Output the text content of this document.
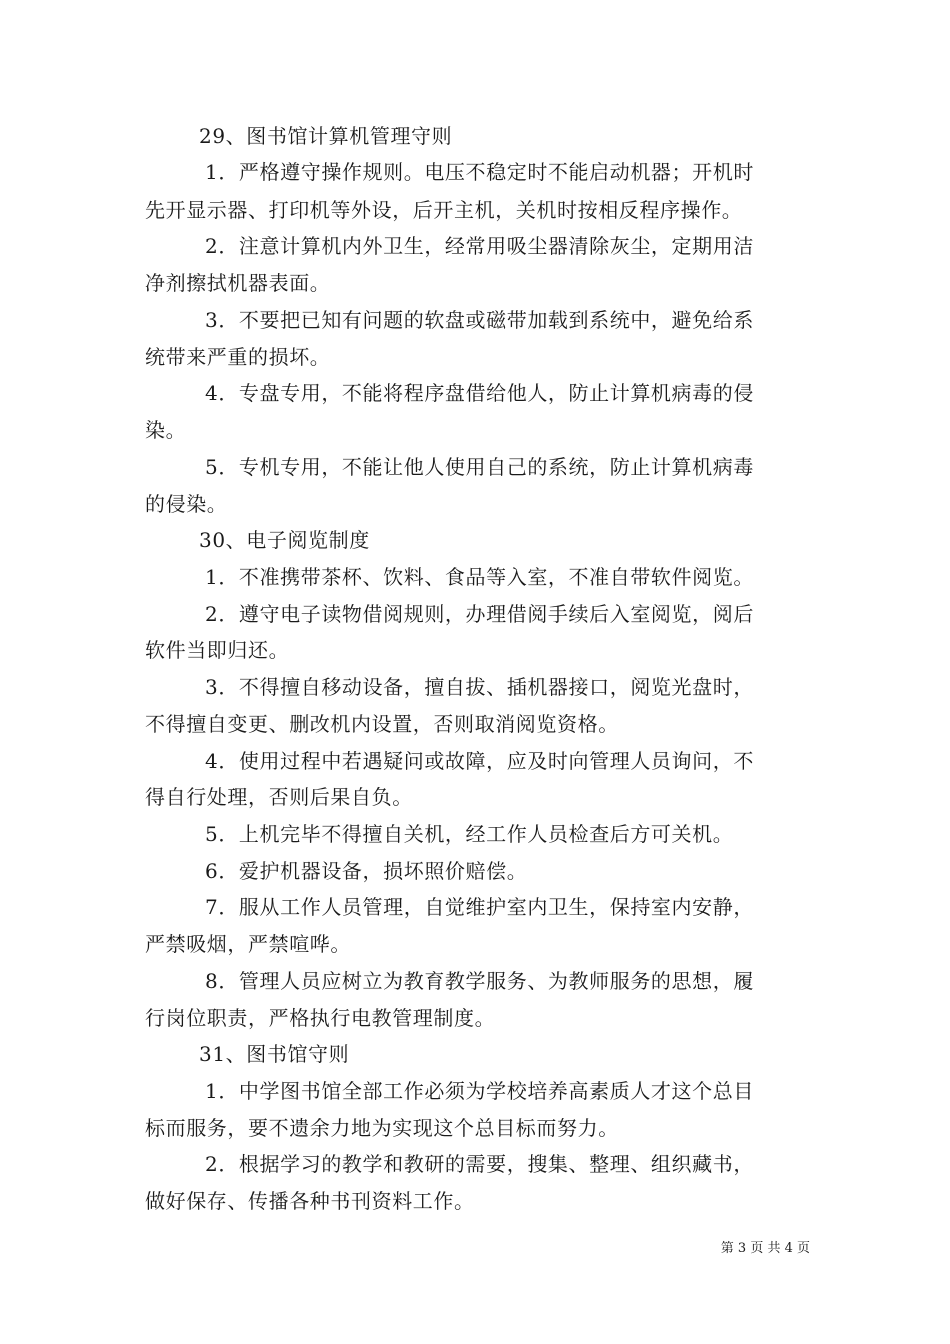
29、图书馆计算机管理守则
1．严格遵守操作规则。电压不稳定时不能启动机器；开机时
先开显示器、打印机等外设，后开主机，关机时按相反程序操作。
2．注意计算机内外卫生，经常用吸尘器清除灰尘，定期用洁
净剂擦拭机器表面。
3．不要把已知有问题的软盘或磁带加载到系统中，避免给系
统带来严重的损坏。
4．专盘专用，不能将程序盘借给他人，防止计算机病毒的侵
染。
5．专机专用，不能让他人使用自己的系统，防止计算机病毒
的侵染。
30、电子阅览制度
1．不准携带茶杯、饮料、食品等入室，不准自带软件阅览。
2．遵守电子读物借阅规则，办理借阅手续后入室阅览，阅后
软件当即归还。
3．不得擅自移动设备，擅自拔、插机器接口，阅览光盘时，
不得擅自变更、删改机内设置，否则取消阅览资格。
4．使用过程中若遇疑问或故障，应及时向管理人员询问，不
得自行处理，否则后果自负。
5．上机完毕不得擅自关机，经工作人员检查后方可关机。
6．爱护机器设备，损坏照价赔偿。
7．服从工作人员管理，自觉维护室内卫生，保持室内安静，
严禁吸烟，严禁喧哗。
8．管理人员应树立为教育教学服务、为教师服务的思想，履
行岗位职责，严格执行电教管理制度。
31、图书馆守则
1．中学图书馆全部工作必须为学校培养高素质人才这个总目
标而服务，要不遗余力地为实现这个总目标而努力。
2．根据学习的教学和教研的需要，搜集、整理、组织藏书，
做好保存、传播各种书刊资料工作。
第 3 页 共 4 页
